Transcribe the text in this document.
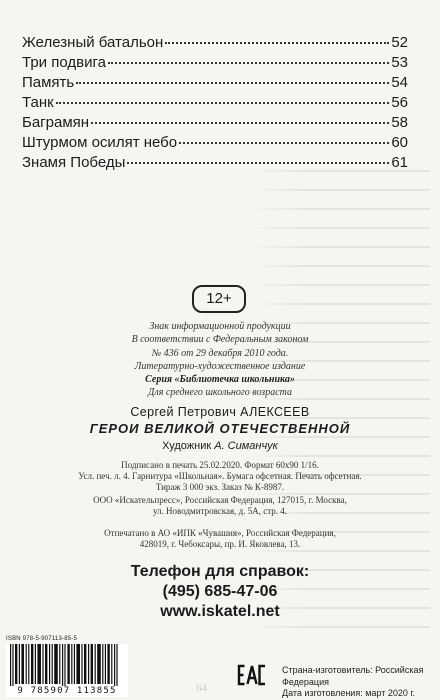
Железный батальон	52
Три подвига	53
Память	54
Танк	56
Баграмян	58
Штурмом осилят небо	60
Знамя Победы	61
12+
Знак информационной продукции
В соответствии с Федеральным законом
№ 436 от 29 декабря 2010 года.
Литературно-художественное издание
Серия «Библиотечка школьника»
Для среднего школьного возраста
Сергей Петрович АЛЕКСЕЕВ
ГЕРОИ ВЕЛИКОЙ ОТЕЧЕСТВЕННОЙ
Художник А. Симанчук
Подписано в печать 25.02.2020. Формат 60х90 1/16.
Усл. печ. л. 4. Гарнитура «Школьная». Бумага офсетная. Печать офсетная.
Тираж 3 000 экз. Заказ № К-8987.
ООО «Искательпресс», Российская Федерация, 127015, г. Москва,
ул. Новодмитровская, д. 5А, стр. 4.
Отпечатано в АО «ИПК «Чувашия», Российская Федерация,
428019, г. Чебоксары, пр. И. Яковлева, 13.
Телефон для справок:
(495) 685-47-06
www.iskatel.net
ISBN 978-5-907113-85-5
9 785907 113855
Страна-изготовитель: Российская Федерация
Дата изготовления: март 2020 г.
64
